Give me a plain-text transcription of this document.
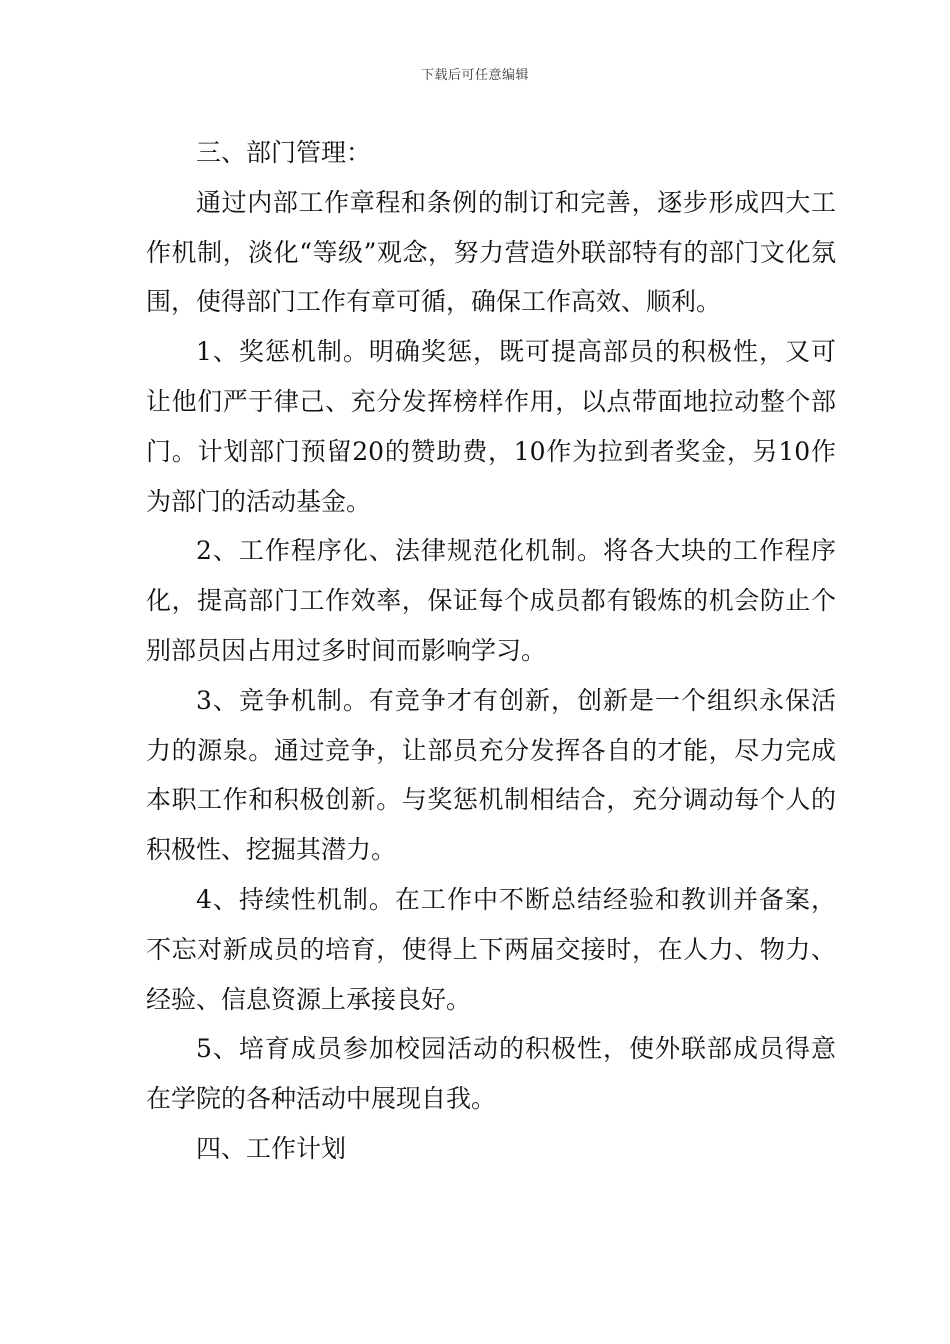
下载后可任意编辑

三、部门管理：

通过内部工作章程和条例的制订和完善，逐步形成四大工作机制，淡化“等级”观念，努力营造外联部特有的部门文化氛围，使得部门工作有章可循，确保工作高效、顺利。

1、奖惩机制。明确奖惩，既可提高部员的积极性，又可让他们严于律己、充分发挥榜样作用，以点带面地拉动整个部门。计划部门预留20的赞助费，10作为拉到者奖金，另10作为部门的活动基金。

2、工作程序化、法律规范化机制。将各大块的工作程序化，提高部门工作效率，保证每个成员都有锻炼的机会防止个别部员因占用过多时间而影响学习。

3、竞争机制。有竞争才有创新，创新是一个组织永保活力的源泉。通过竞争，让部员充分发挥各自的才能，尽力完成本职工作和积极创新。与奖惩机制相结合，充分调动每个人的积极性、挖掘其潜力。

4、持续性机制。在工作中不断总结经验和教训并备案，不忘对新成员的培育，使得上下两届交接时，在人力、物力、经验、信息资源上承接良好。

5、培育成员参加校园活动的积极性，使外联部成员得意在学院的各种活动中展现自我。

四、工作计划
